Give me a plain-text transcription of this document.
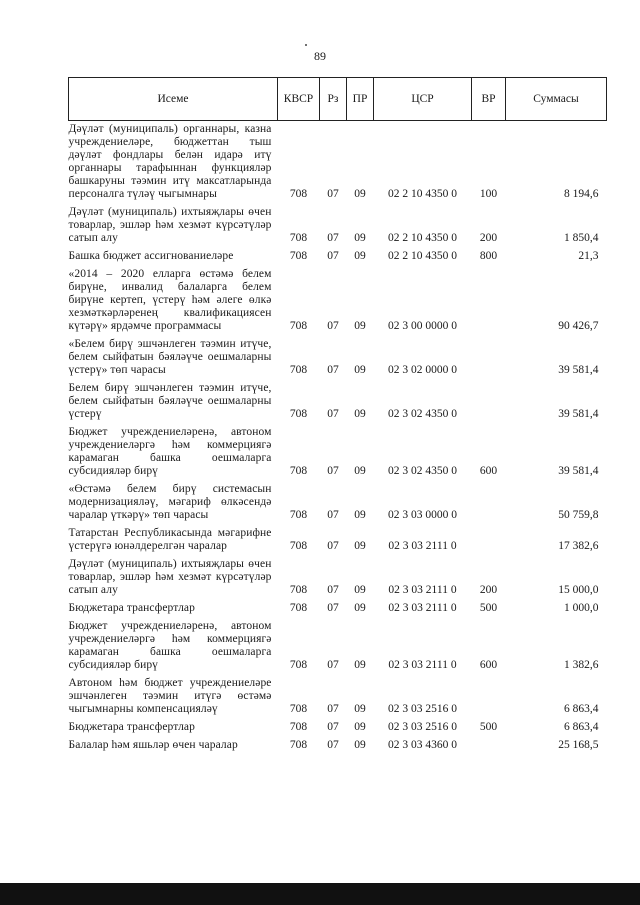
89
Исеме	КВСР	Рз	ПР	ЦСР	ВР	Суммасы
Дәүләт (муниципаль) органнары, казна учреждениеләре, бюджеттан тыш дәүләт фондлары белән идарә итү органнары тарафыннан функцияләр башкаруны тәэмин итү максатларында персоналга түләү чыгымнары	708	07	09	02 2 10 4350 0	100	8 194,6
Дәүләт (муниципаль) ихтыяҗлары өчен товарлар, эшләр һәм хезмәт күрсәтүләр сатып алу	708	07	09	02 2 10 4350 0	200	1 850,4
Башка бюджет ассигнованиеләре	708	07	09	02 2 10 4350 0	800	21,3
«2014 – 2020 елларга өстәмә белем бирүне, инвалид балаларга белем бирүне кертеп, үстерү һәм әлеге өлкә хезмәткәрләренең квалификациясен күтәрү» ярдәмче программасы	708	07	09	02 3 00 0000 0		90 426,7
«Белем бирү эшчәнлеген тәэмин итүче, белем сыйфатын бәяләүче оешмаларны үстерү» төп чарасы	708	07	09	02 3 02 0000 0		39 581,4
Белем бирү эшчәнлеген тәэмин итүче, белем сыйфатын бәяләүче оешмаларны үстерү	708	07	09	02 3 02 4350 0		39 581,4
Бюджет учреждениеләренә, автоном учреждениеләргә һәм коммерциягә карамаган башка оешмаларга субсидияләр бирү	708	07	09	02 3 02 4350 0	600	39 581,4
«Өстәмә белем бирү системасын модернизацияләү, мәгариф өлкәсендә чаралар үткәрү» төп чарасы	708	07	09	02 3 03 0000 0		50 759,8
Татарстан Республикасында мәгарифне үстерүгә юнәлдерелгән чаралар	708	07	09	02 3 03 2111 0		17 382,6
Дәүләт (муниципаль) ихтыяҗлары өчен товарлар, эшләр һәм хезмәт күрсәтүләр сатып алу	708	07	09	02 3 03 2111 0	200	15 000,0
Бюджетара трансфертлар	708	07	09	02 3 03 2111 0	500	1 000,0
Бюджет учреждениеләренә, автоном учреждениеләргә һәм коммерциягә карамаган башка оешмаларга субсидияләр бирү	708	07	09	02 3 03 2111 0	600	1 382,6
Автоном һәм бюджет учреждениеләре эшчәнлеген тәэмин итүгә өстәмә чыгымнарны компенсацияләү	708	07	09	02 3 03 2516 0		6 863,4
Бюджетара трансфертлар	708	07	09	02 3 03 2516 0	500	6 863,4
Балалар һәм яшьләр өчен чаралар	708	07	09	02 3 03 4360 0		25 168,5
